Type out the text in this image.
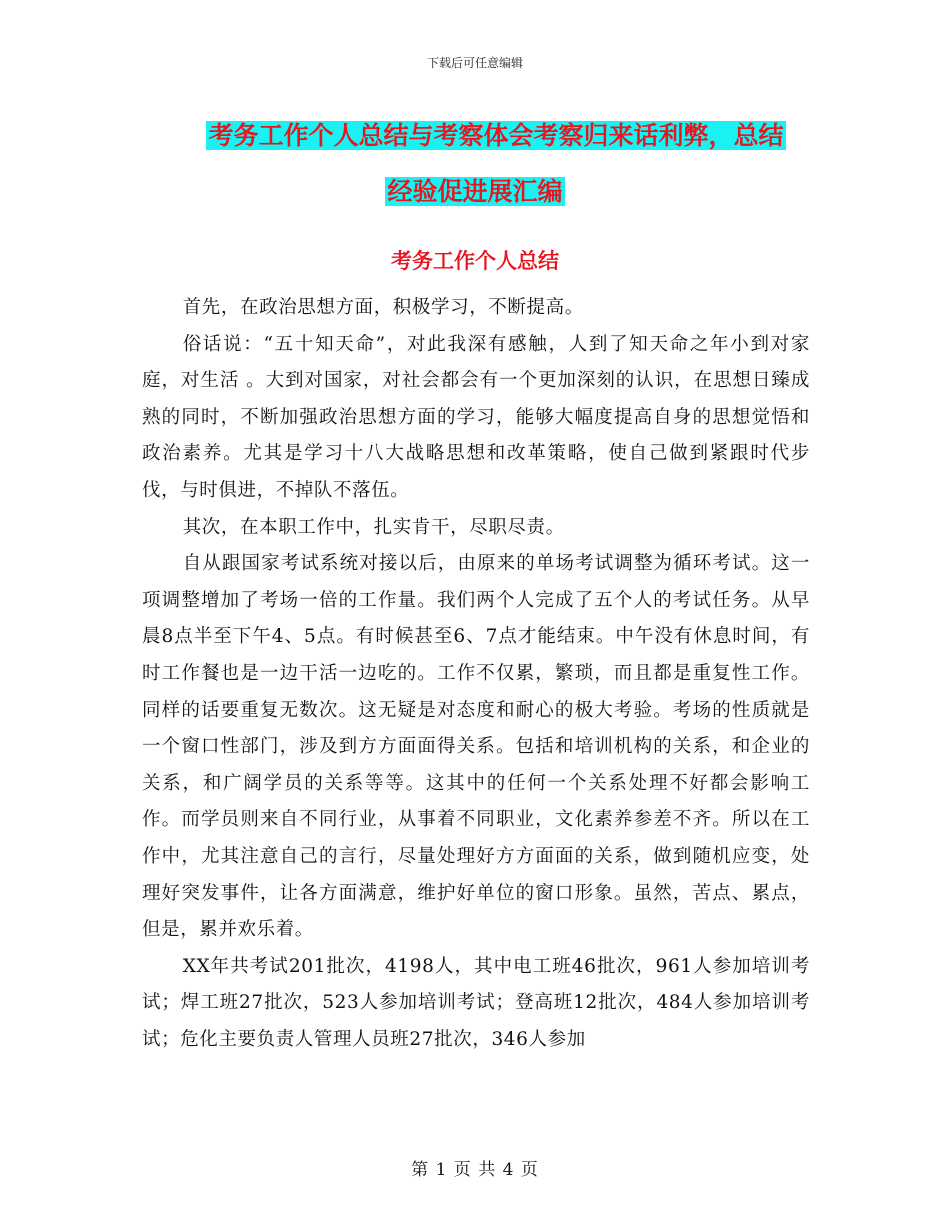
下载后可任意编辑
考务工作个人总结与考察体会考察归来话利弊，总结
经验促进展汇编
考务工作个人总结

首先，在政治思想方面，积极学习，不断提高。

俗话说：“五十知天命”，对此我深有感触，人到了知天命之年小到对家庭，对生活 。大到对国家，对社会都会有一个更加深刻的认识，在思想日臻成熟的同时，不断加强政治思想方面的学习，能够大幅度提高自身的思想觉悟和政治素养。尤其是学习十八大战略思想和改革策略，使自己做到紧跟时代步伐，与时俱进，不掉队不落伍。

其次，在本职工作中，扎实肯干，尽职尽责。

自从跟国家考试系统对接以后，由原来的单场考试调整为循环考试。这一项调整增加了考场一倍的工作量。我们两个人完成了五个人的考试任务。从早晨8点半至下午4、5点。有时候甚至6、7点才能结束。中午没有休息时间，有时工作餐也是一边干活一边吃的。工作不仅累，繁琐，而且都是重复性工作。同样的话要重复无数次。这无疑是对态度和耐心的极大考验。考场的性质就是一个窗口性部门，涉及到方方面面得关系。包括和培训机构的关系，和企业的关系，和广阔学员的关系等等。这其中的任何一个关系处理不好都会影响工作。而学员则来自不同行业，从事着不同职业，文化素养参差不齐。所以在工作中，尤其注意自己的言行，尽量处理好方方面面的关系，做到随机应变，处理好突发事件，让各方面满意，维护好单位的窗口形象。虽然，苦点、累点，但是，累并欢乐着。

XX年共考试201批次，4198人，其中电工班46批次，961人参加培训考试；焊工班27批次，523人参加培训考试；登高班12批次，484人参加培训考试；危化主要负责人管理人员班27批次，346人参加

第 1 页 共 4 页
